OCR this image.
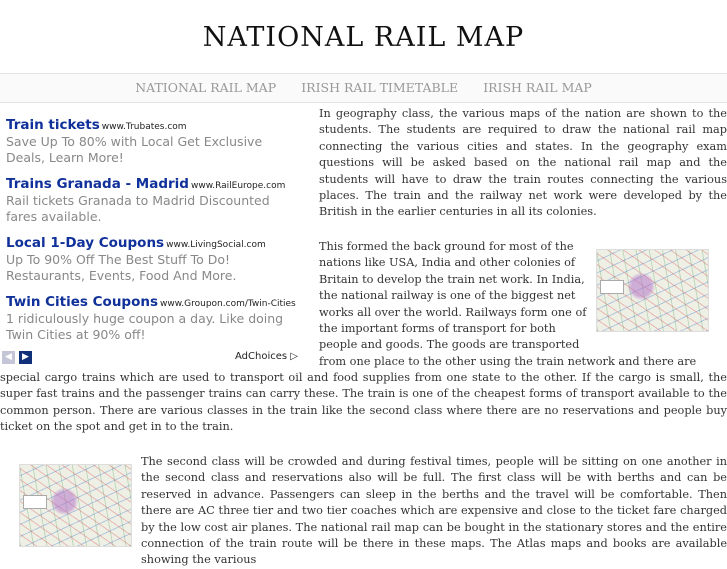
NATIONAL RAIL MAP
NATIONAL RAIL MAP IRISH RAIL TIMETABLE IRISH RAIL MAP
Train tickets www.Trubates.com
Save Up To 80% with Local Get Exclusive Deals, Learn More!
Trains Granada - Madrid www.RailEurope.com
Rail tickets Granada to Madrid Discounted fares available.
Local 1-Day Coupons www.LivingSocial.com
Up To 90% Off The Best Stuff To Do! Restaurants, Events, Food And More.
Twin Cities Coupons www.Groupon.com/Twin-Cities
1 ridiculously huge coupon a day. Like doing Twin Cities at 90% off!
◀	▶	AdChoices ▷

In geography class, the various maps of the nation are shown to the students. The students are required to draw the national rail map connecting the various cities and states. In the geography exam questions will be asked based on the national rail map and the students will have to draw the train routes connecting the various places. The train and the railway net work were developed by the British in the earlier centuries in all its colonies.

This formed the back ground for most of the
nations like USA, India and other colonies of
Britain to develop the train net work. In India,
the national railway is one of the biggest net
works all over the world. Railways form one of
the important forms of transport for both
people and goods. The goods are transported
from one place to the other using the train network and there are

special cargo trains which are used to transport oil and food supplies from one state to the other. If the cargo is small, the super fast trains and the passenger trains can carry these. The train is one of the cheapest forms of transport available to the common person. There are various classes in the train like the second class where there are no reservations and people buy ticket on the spot and get in to the train.

The second class will be crowded and during festival times, people will be sitting on one another in the second class and reservations also will be full. The first class will be with berths and can be reserved in advance. Passengers can sleep in the berths and the travel will be comfortable. Then there are AC three tier and two tier coaches which are expensive and close to the ticket fare charged by the low cost air planes. The national rail map can be bought in the stationary stores and the entire connection of the train route will be there in these maps. The Atlas maps and books are available showing the various
